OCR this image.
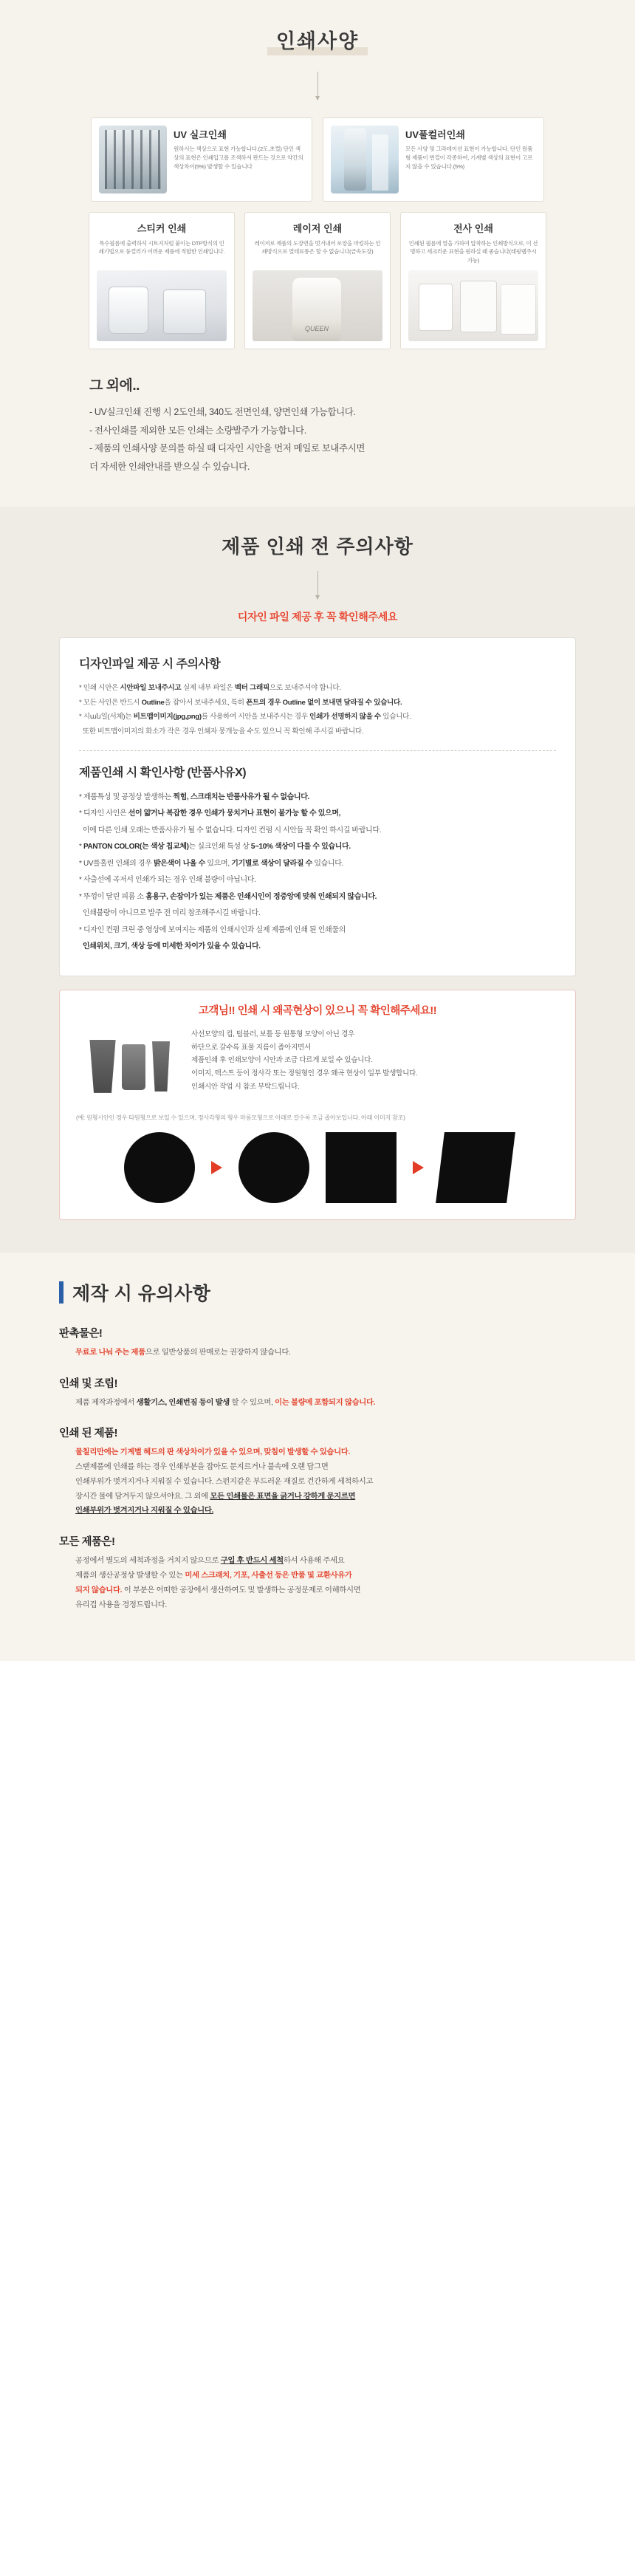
인쇄사양
UV 실크인쇄
원하시는 색상으로 표현 가능합니다.(2도,초컬) 단인 색상의 표현은 인쇄입고를 조색하셔 판드는 것으로 약간의 색상차이(5%) 발생할 수 있습니다
UV풀컬러인쇄
모든 사양 및 그라데이션 표현이 가능합니다. 단인 원품형 제품이 번걸이 각종하여, 기계별 색상의 표현이 고르지 않을 수 있습니다.(5%)
스티커 인쇄
특수필름에 출력하셔 시트지처럼 붙이는 DTP방식의 인쇄기법으로 둥컬러가 어려운 제품에 적합한 인쇄입니다.
레이저 인쇄
레이저로 제품의 도장면을 벗겨내어 로앙을 마킹하는 인쇄방식으로 열테료통은 할 수 없습니다(금속도장)
QUEEN
전사 인쇄
인쇄된 필름에 열을 가하여 압착하는 인쇄방식으로, 이 선명하고 세크러운 표현을 원하실 때 좋습니다(래핑랩주시가능)
그 외에..
- UV실크인쇄 진행 시 2도인쇄, 340도 전면인쇄, 양면인쇄 가능합니다.
- 전사인쇄를 제외한 모든 인쇄는 소량발주가 가능합니다.
- 제품의 인쇄사양 문의를 하실 때 디자인 시안을 먼저 메일로 보내주시면
더 자세한 인쇄안내를 받으실 수 있습니다.
제품 인쇄 전 주의사항
디자인 파일 제공 후 꼭 확인해주세요
디자인파일 제공 시 주의사항
* 인쇄 시안은 시안파일 보내주시고 실제 내부 파일은 벡터 그래픽으로 보내주셔야 합니다.
* 모든 사인은 반드시 Outline을 잡아서 보내주세요, 특히 폰트의 경우 Outline 없이 보내면 달라질 수 있습니다.
* 시ան일(서체)는 비트맵이미지(jpg,png)를 사용하여 시안을 보내주시는 경우 인쇄가 선명하지 않을 수 있습니다.
또한 비트맵이미지의 화소가 작은 경우 인쇄자 뭉개능을 수도 있으니 꼭 확인해 주시길 바랍니다.
제품인쇄 시 확인사항 (반품사유X)
* 제품특성 및 공정상 발생하는 찍힘, 스크래치는 반품사유가 될 수 없습니다.
* 디자인 사인은 선이 얇거나 복잡한 경우 인쇄가 뭉치거나 표현이 불가능 할 수 있으며,
이에 다른 인쇄 오래는 반품사유가 될 수 없습니다. 디자인 컨펌 시 시안들 꼭 확인 하시길 바랍니다.
* PANTON COLOR(는 색상 칩교체)는 실크인쇄 특성 상 5~10% 색상이 다를 수 있습니다.
* UV를홀린 인쇄의 경우 밝은색이 나올 수 있으며, 기기별로 색상이 달라질 수 있습니다.
* 사출선에 곡저서 인쇄가 되는 경우 인쇄 불량이 아닙니다.
* 뚜껑이 달린 피룸 소 홈용구, 손잡이가 있는 제품은 인쇄시인이 정중앙에 맞춰 인쇄되지 않습니다.
인쇄불량이 아니므로 발주 전 미리 참조해주시길 바랍니다.
* 디자인 컨펌 크린 중 영상에 보여지는 제품의 인쇄시인과 실제 제품에 인쇄 된 인쇄물의
인쇄위치, 크기, 색상 등에 미세한 차이가 있을 수 있습니다.
고객님!! 인쇄 시 왜곡현상이 있으니 꼭 확인해주세요!!
사선모양의 컵, 텀블러, 보틀 등 원통형 모양이 아닌 경우
하단으로 갈수록 표물 지름이 좁아지면서
제품인쇄 후 인쇄모양이 시안과 조금 다르게 보일 수 있습니다.
이미지, 텍스트 등이 정사각 또는 정원형인 경우 왜곡 현상이 일부 발생합니다.
인쇄시안 작업 시 참조 부탁드립니다.
(예: 원형시안인 경우 타원형으로 보일 수 있으며, 정사각형의 형우 마름모형으로 아래로 갈수록 조금 좁아보입니다. 아래 이미지 참조)
제작 시 유의사항
판촉물은!
무료로 나눠 주는 제품으로 일반상품의 판매로는 권장하지 않습니다.
인쇄 및 조립!
제품 제작과정에서 생활기스, 인쇄번짐 등이 발생 할 수 있으며, 이는 불량에 포함되지 않습니다.
인쇄 된 제품!
물칠리만에는 기계별 헤드의 판 색상차이가 있을 수 있으며, 맞침이 발생할 수 있습니다.
스탠제품에 인쇄를 하는 경우 인쇄부분을 잡아도 문지르거나 불속에 오랜 담그면
인쇄부위가 벗겨지거나 지워질 수 있습니다. 스펀지같은 부드러운 재질로 건간하게 세척하시고
장시간 물에 담겨두지 않으셔야요. 그 외에 모든 인쇄물은 표면을 긁거나 강하게 문지르면
인쇄부위가 벗겨지거나 지워질 수 있습니다.
모든 제품은!
공정에서 별도의 세척과정을 거치지 않으므로 구입 후 반드시 세척하셔 사용해 주세요
제품의 생산공정상 발생할 수 있는 미세 스크래치, 기포, 사출선 등은 반품 및 교환사유가
되지 않습니다. 이 부분은 어떠한 공장에서 생산하여도 및 발생하는 공정문제로 이해하시면
유리겁 사용을 경정드립니다.
